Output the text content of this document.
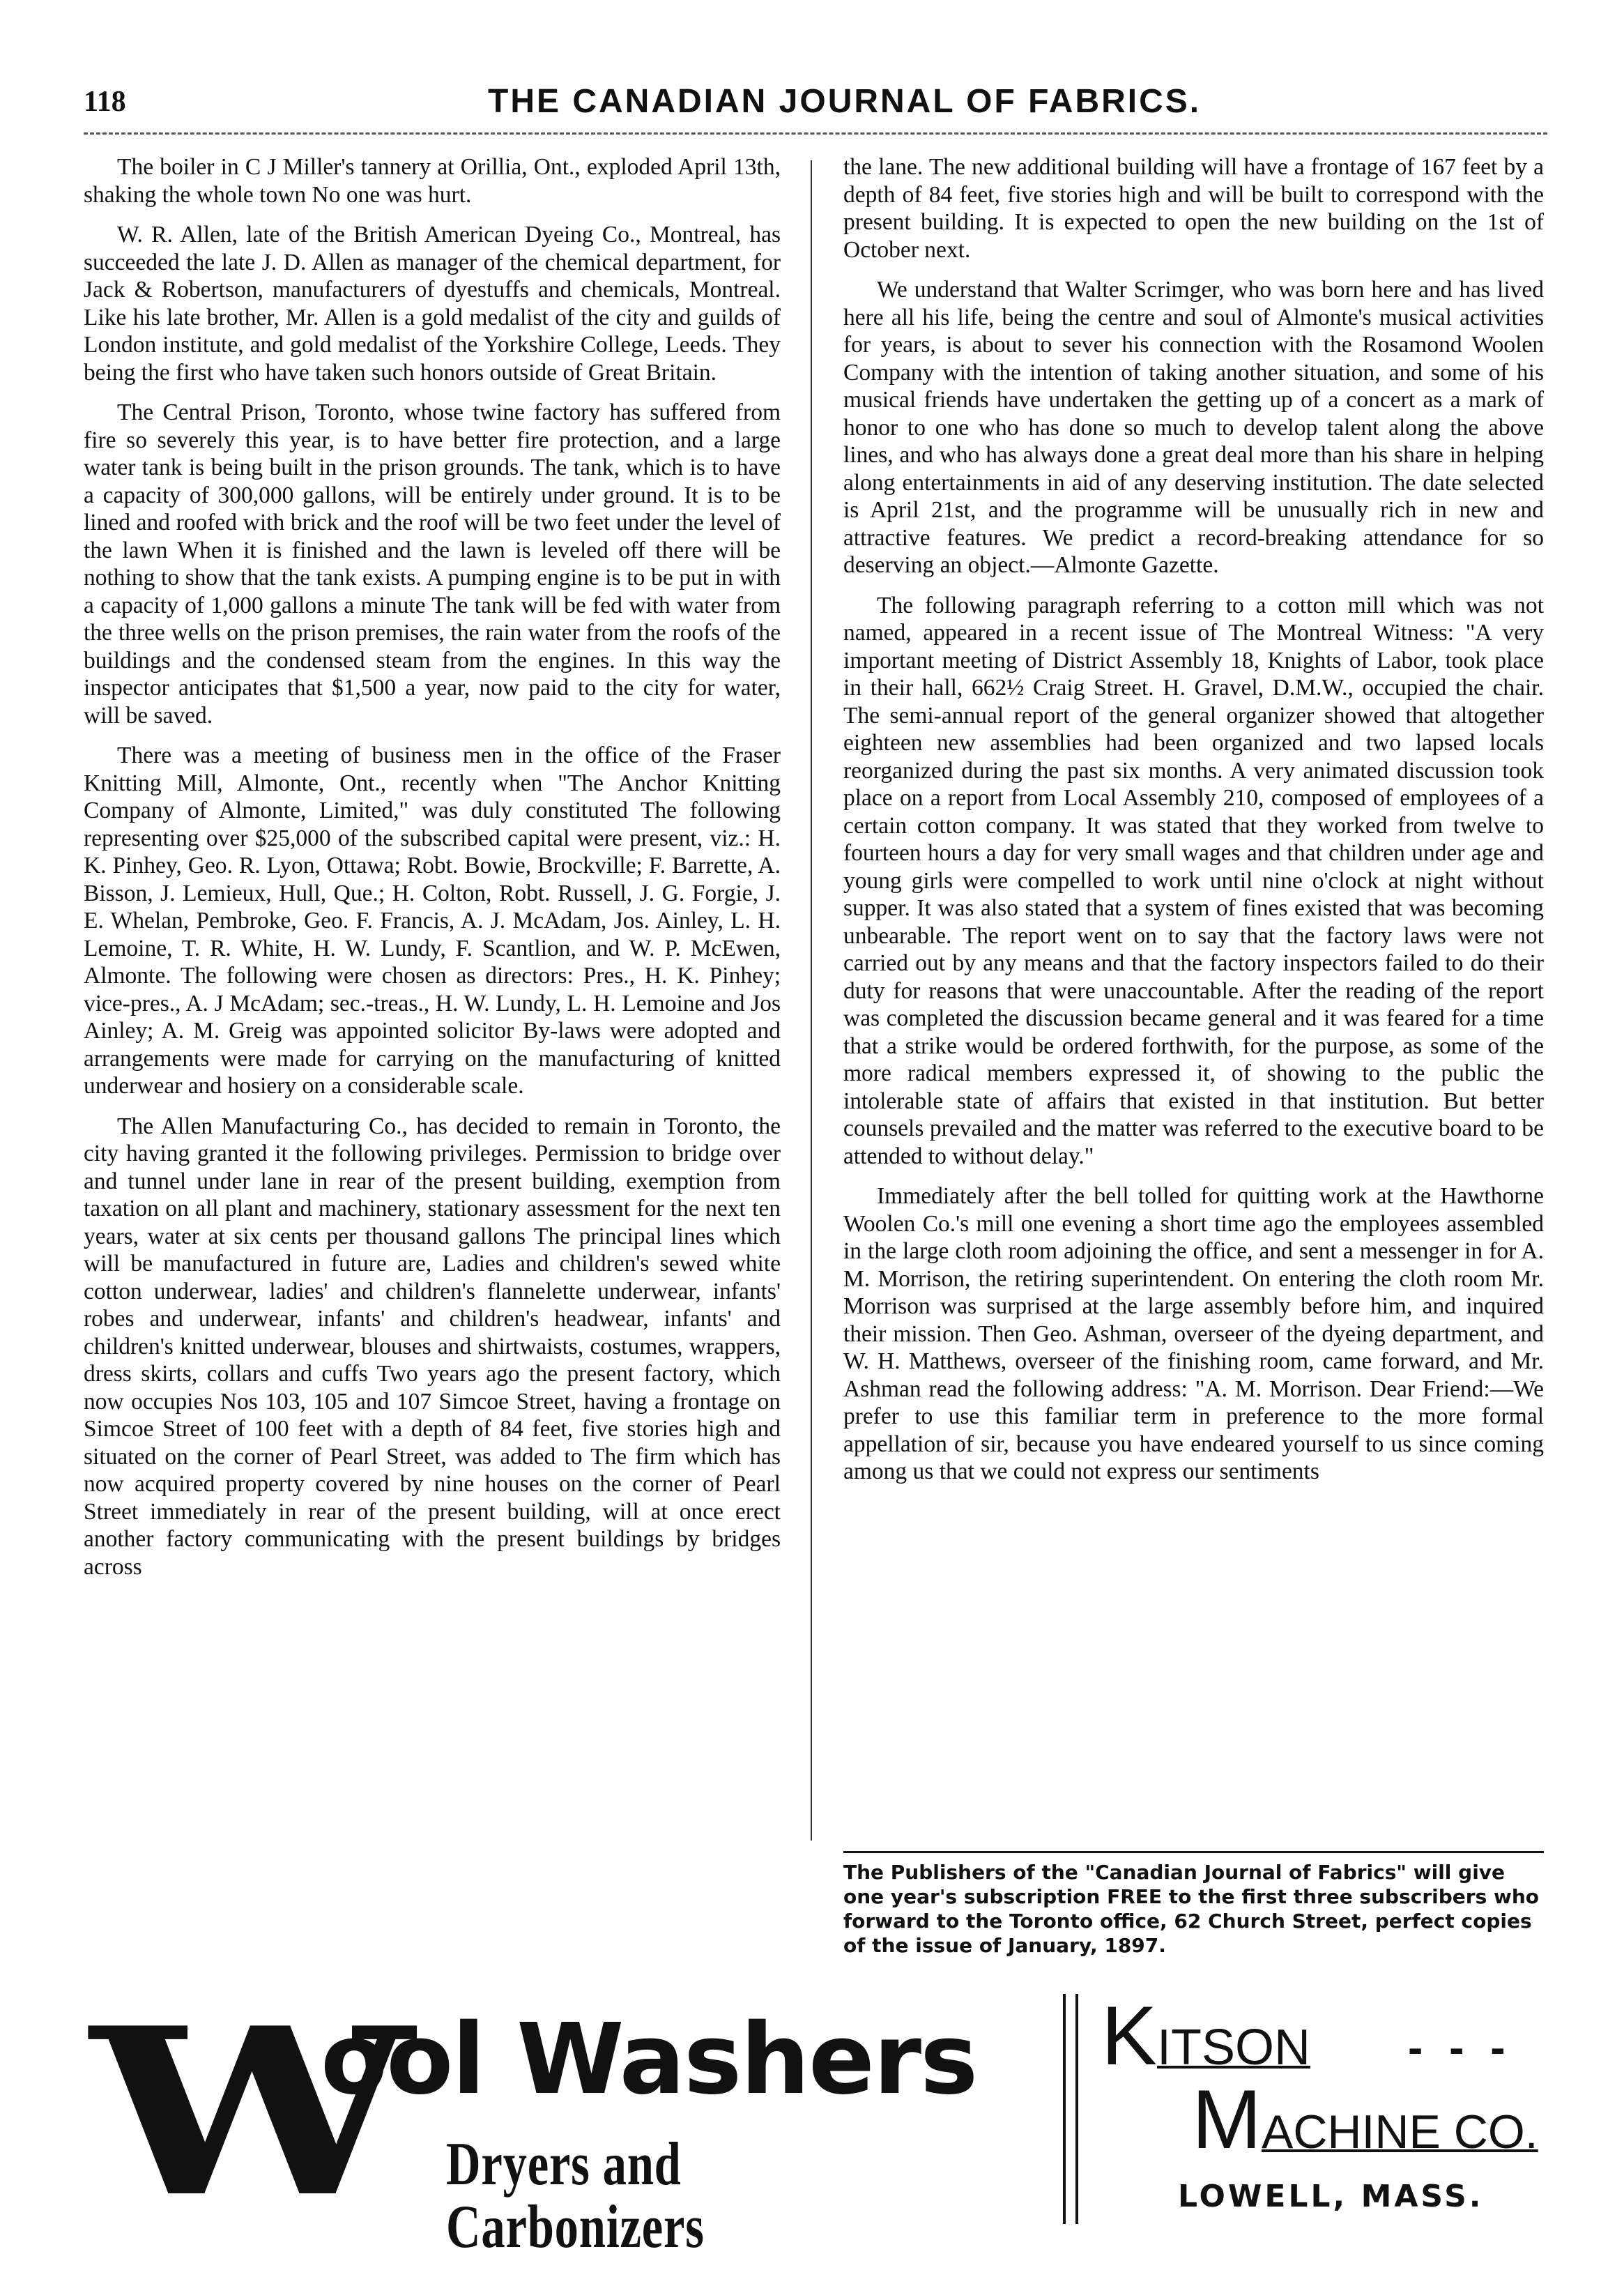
118	THE CANADIAN JOURNAL OF FABRICS.

The boiler in C J Miller's tannery at Orillia, Ont., exploded April 13th, shaking the whole town No one was hurt.

W. R. Allen, late of the British American Dyeing Co., Montreal, has succeeded the late J. D. Allen as manager of the chemical department, for Jack & Robertson, manufacturers of dyestuffs and chemicals, Montreal. Like his late brother, Mr. Allen is a gold medalist of the city and guilds of London institute, and gold medalist of the Yorkshire College, Leeds. They being the first who have taken such honors outside of Great Britain.

The Central Prison, Toronto, whose twine factory has suffered from fire so severely this year, is to have better fire protection, and a large water tank is being built in the prison grounds. The tank, which is to have a capacity of 300,000 gallons, will be entirely under ground. It is to be lined and roofed with brick and the roof will be two feet under the level of the lawn When it is finished and the lawn is leveled off there will be nothing to show that the tank exists. A pumping engine is to be put in with a capacity of 1,000 gallons a minute The tank will be fed with water from the three wells on the prison premises, the rain water from the roofs of the buildings and the condensed steam from the engines. In this way the inspector anticipates that $1,500 a year, now paid to the city for water, will be saved.

There was a meeting of business men in the office of the Fraser Knitting Mill, Almonte, Ont., recently when "The Anchor Knitting Company of Almonte, Limited," was duly constituted The following representing over $25,000 of the subscribed capital were present, viz.: H. K. Pinhey, Geo. R. Lyon, Ottawa; Robt. Bowie, Brockville; F. Barrette, A. Bisson, J. Lemieux, Hull, Que.; H. Colton, Robt. Russell, J. G. Forgie, J. E. Whelan, Pembroke, Geo. F. Francis, A. J. McAdam, Jos. Ainley, L. H. Lemoine, T. R. White, H. W. Lundy, F. Scantlion, and W. P. McEwen, Almonte. The following were chosen as directors: Pres., H. K. Pinhey; vice-pres., A. J McAdam; sec.-treas., H. W. Lundy, L. H. Lemoine and Jos Ainley; A. M. Greig was appointed solicitor By-laws were adopted and arrangements were made for carrying on the manufacturing of knitted underwear and hosiery on a considerable scale.

The Allen Manufacturing Co., has decided to remain in Toronto, the city having granted it the following privileges. Permission to bridge over and tunnel under lane in rear of the present building, exemption from taxation on all plant and machinery, stationary assessment for the next ten years, water at six cents per thousand gallons The principal lines which will be manufactured in future are, Ladies and children's sewed white cotton underwear, ladies' and children's flannelette underwear, infants' robes and underwear, infants' and children's headwear, infants' and children's knitted underwear, blouses and shirtwaists, costumes, wrappers, dress skirts, collars and cuffs Two years ago the present factory, which now occupies Nos 103, 105 and 107 Simcoe Street, having a frontage on Simcoe Street of 100 feet with a depth of 84 feet, five stories high and situated on the corner of Pearl Street, was added to The firm which has now acquired property covered by nine houses on the corner of Pearl Street immediately in rear of the present building, will at once erect another factory communicating with the present buildings by bridges across

the lane. The new additional building will have a frontage of 167 feet by a depth of 84 feet, five stories high and will be built to correspond with the present building. It is expected to open the new building on the 1st of October next.

We understand that Walter Scrimger, who was born here and has lived here all his life, being the centre and soul of Almonte's musical activities for years, is about to sever his connection with the Rosamond Woolen Company with the intention of taking another situation, and some of his musical friends have undertaken the getting up of a concert as a mark of honor to one who has done so much to develop talent along the above lines, and who has always done a great deal more than his share in helping along entertainments in aid of any deserving institution. The date selected is April 21st, and the programme will be unusually rich in new and attractive features. We predict a record-breaking attendance for so deserving an object.—Almonte Gazette.

The following paragraph referring to a cotton mill which was not named, appeared in a recent issue of The Montreal Witness: "A very important meeting of District Assembly 18, Knights of Labor, took place in their hall, 662½ Craig Street. H. Gravel, D.M.W., occupied the chair. The semi-annual report of the general organizer showed that altogether eighteen new assemblies had been organized and two lapsed locals reorganized during the past six months. A very animated discussion took place on a report from Local Assembly 210, composed of employees of a certain cotton company. It was stated that they worked from twelve to fourteen hours a day for very small wages and that children under age and young girls were compelled to work until nine o'clock at night without supper. It was also stated that a system of fines existed that was becoming unbearable. The report went on to say that the factory laws were not carried out by any means and that the factory inspectors failed to do their duty for reasons that were unaccountable. After the reading of the report was completed the discussion became general and it was feared for a time that a strike would be ordered forthwith, for the purpose, as some of the more radical members expressed it, of showing to the public the intolerable state of affairs that existed in that institution. But better counsels prevailed and the matter was referred to the executive board to be attended to without delay."

Immediately after the bell tolled for quitting work at the Hawthorne Woolen Co.'s mill one evening a short time ago the employees assembled in the large cloth room adjoining the office, and sent a messenger in for A. M. Morrison, the retiring superintendent. On entering the cloth room Mr. Morrison was surprised at the large assembly before him, and inquired their mission. Then Geo. Ashman, overseer of the dyeing department, and W. H. Matthews, overseer of the finishing room, came forward, and Mr. Ashman read the following address: "A. M. Morrison. Dear Friend:—We prefer to use this familiar term in preference to the more formal appellation of sir, because you have endeared yourself to us since coming among us that we could not express our sentiments

The Publishers of the "Canadian Journal of Fabrics" will give one year's subscription FREE to the first three subscribers who forward to the Toronto office, 62 Church Street, perfect copies of the issue of January, 1897.
W
ool Washers
Dryers and Carbonizers
KITSON - - -
MACHINE CO.
LOWELL, MASS.
